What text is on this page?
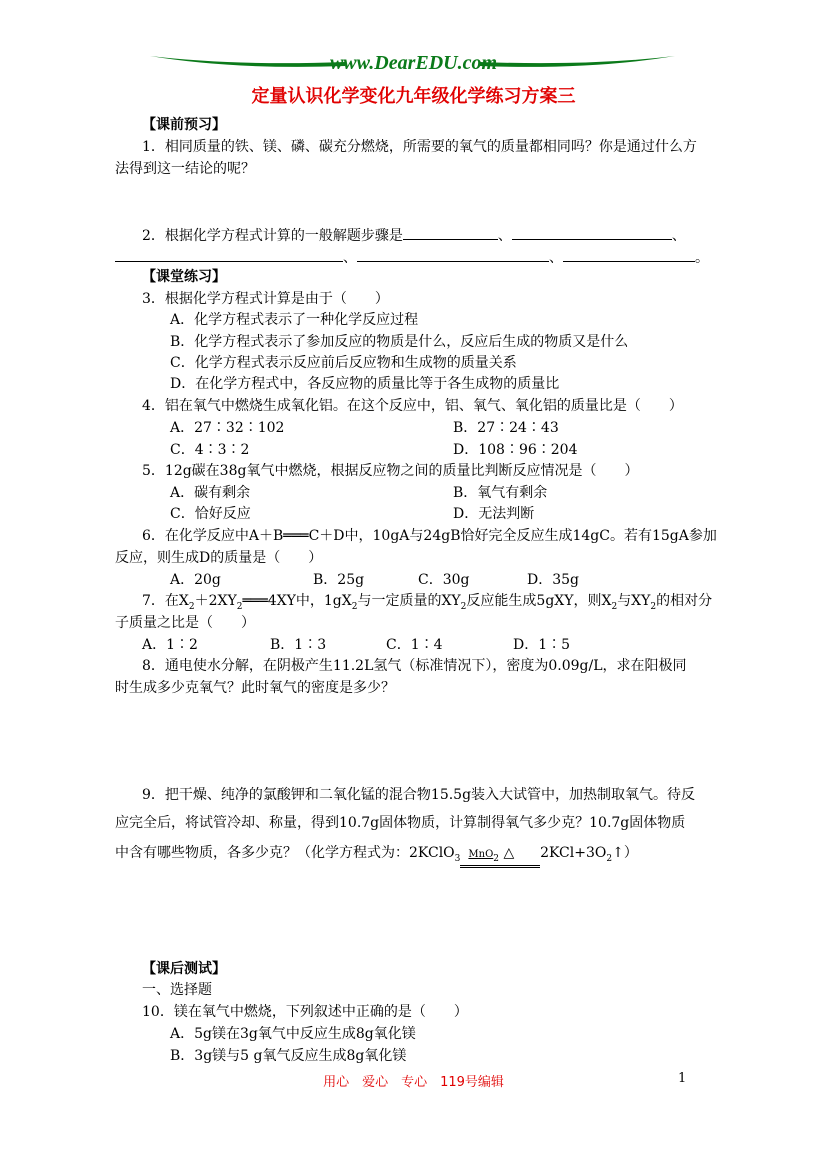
www.DearEDU.com
定量认识化学变化九年级化学练习方案三
【课前预习】
1．相同质量的铁、镁、磷、碳充分燃烧，所需要的氧气的质量都相同吗？你是通过什么方
法得到这一结论的呢？
2．根据化学方程式计算的一般解题步骤是	、	、
、	、	。
【课堂练习】
3．根据化学方程式计算是由于（　　）
A．化学方程式表示了一种化学反应过程
B．化学方程式表示了参加反应的物质是什么，反应后生成的物质又是什么
C．化学方程式表示反应前后反应物和生成物的质量关系
D．在化学方程式中，各反应物的质量比等于各生成物的质量比
4．铝在氧气中燃烧生成氧化铝。在这个反应中，铝、氧气、氧化铝的质量比是（　　）
A．27∶32∶102	B．27∶24∶43
C．4∶3∶2	D．108∶96∶204
5．12g碳在38g氧气中燃烧，根据反应物之间的质量比判断反应情况是（　　）
A．碳有剩余	B．氧气有剩余
C．恰好反应	D．无法判断
6．在化学反应中A＋B═══C＋D中，10gA与24gB恰好完全反应生成14gC。若有15gA参加
反应，则生成D的质量是（　　）
A．20g	B．25g	C．30g	D．35g
7．在$X_2+2XY_2═══4XY$中，$1gX_2$与一定质量的$XY_2$反应能生成5gXY，则$X_2$与$XY_2$的相对分
子质量之比是（　　）
A．1∶2	B．1∶3	C．1∶4	D．1∶5
8．通电使水分解，在阴极产生11.2L氢气（标准情况下），密度为0.09g/L，求在阳极同
时生成多少克氧气？此时氧气的密度是多少？
9．把干燥、纯净的氯酸钾和二氧化锰的混合物15.5g装入大试管中，加热制取氧气。待反
应完全后，将试管冷却、称量，得到10.7g固体物质，计算制得氧气多少克？10.7g固体物质
中含有哪些物质，各多少克？（化学方程式为：2KClO$_3$ MnO$_2$ △ $2KCl+3O_2↑$）
【课后测试】
一、选择题
10．镁在氧气中燃烧，下列叙述中正确的是（　　）
A．5g镁在3g氧气中反应生成8g氧化镁
B．3g镁与5 g氧气反应生成8g氧化镁
用心　爱心　专心　119号编辑	1
